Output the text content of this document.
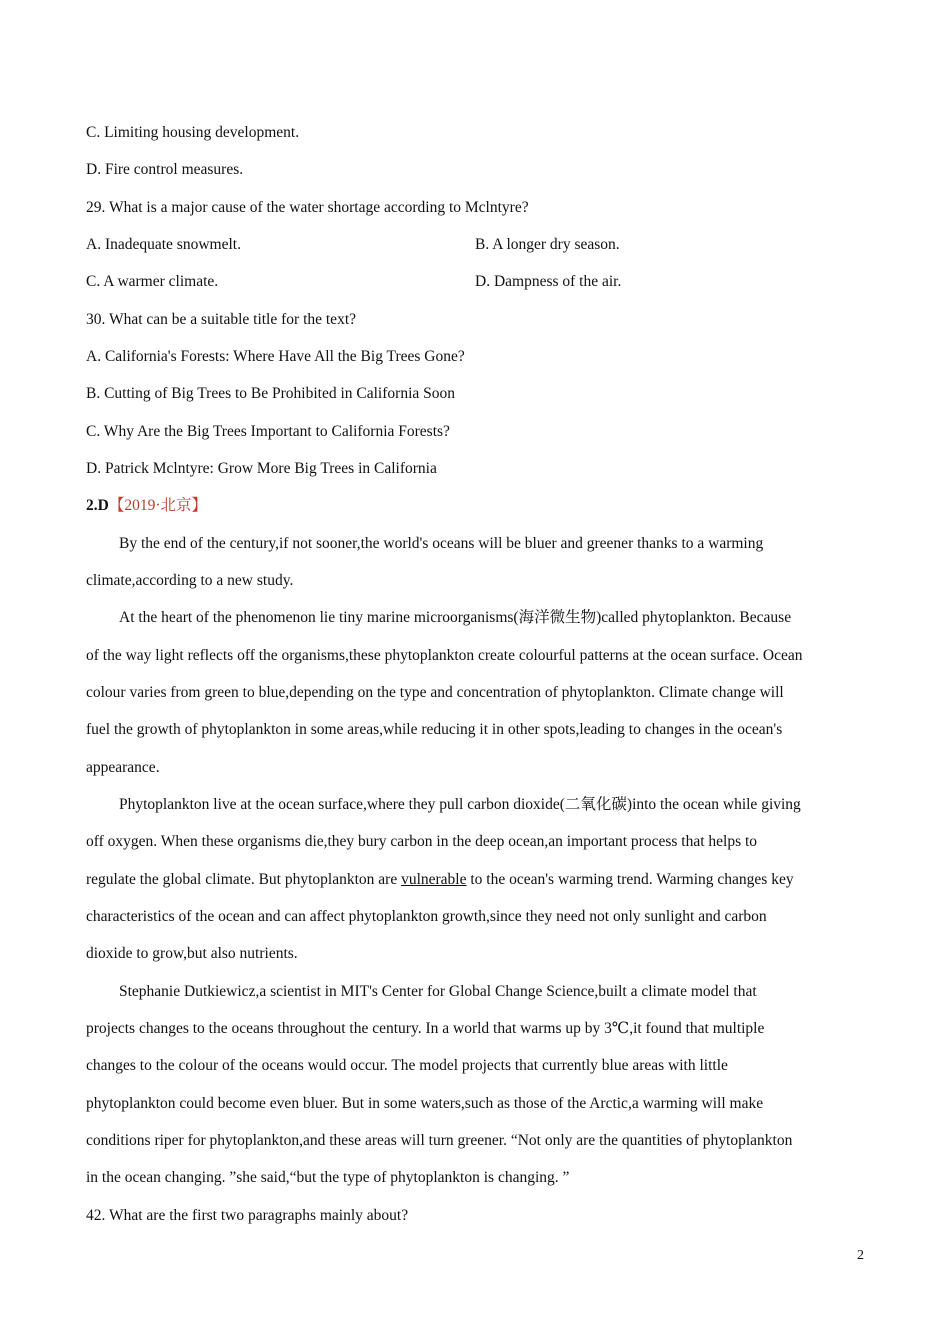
C. Limiting housing development.
D. Fire control measures.
29. What is a major cause of the water shortage according to Mclntyre?
A. Inadequate snowmelt.	B. A longer dry season.
C. A warmer climate.	D. Dampness of the air.
30. What can be a suitable title for the text?
A. California's Forests: Where Have All the Big Trees Gone?
B. Cutting of Big Trees to Be Prohibited in California Soon
C. Why Are the Big Trees Important to California Forests?
D. Patrick Mclntyre: Grow More Big Trees in California
2.D【2019·北京】
By the end of the century,if not sooner,the world's oceans will be bluer and greener thanks to a warming
climate,according to a new study.
At the heart of the phenomenon lie tiny marine microorganisms(海洋微生物)called phytoplankton. Because
of the way light reflects off the organisms,these phytoplankton create colourful patterns at the ocean surface. Ocean
colour varies from green to blue,depending on the type and concentration of phytoplankton. Climate change will
fuel the growth of phytoplankton in some areas,while reducing it in other spots,leading to changes in the ocean's
appearance.
Phytoplankton live at the ocean surface,where they pull carbon dioxide(二氧化碳)into the ocean while giving
off oxygen. When these organisms die,they bury carbon in the deep ocean,an important process that helps to
regulate the global climate. But phytoplankton are vulnerable to the ocean's warming trend. Warming changes key
characteristics of the ocean and can affect phytoplankton growth,since they need not only sunlight and carbon
dioxide to grow,but also nutrients.
Stephanie Dutkiewicz,a scientist in MIT's Center for Global Change Science,built a climate model that
projects changes to the oceans throughout the century. In a world that warms up by 3℃,it found that multiple
changes to the colour of the oceans would occur. The model projects that currently blue areas with little
phytoplankton could become even bluer. But in some waters,such as those of the Arctic,a warming will make
conditions riper for phytoplankton,and these areas will turn greener. “Not only are the quantities of phytoplankton
in the ocean changing. ”she said,“but the type of phytoplankton is changing. ”
42. What are the first two paragraphs mainly about?
2
